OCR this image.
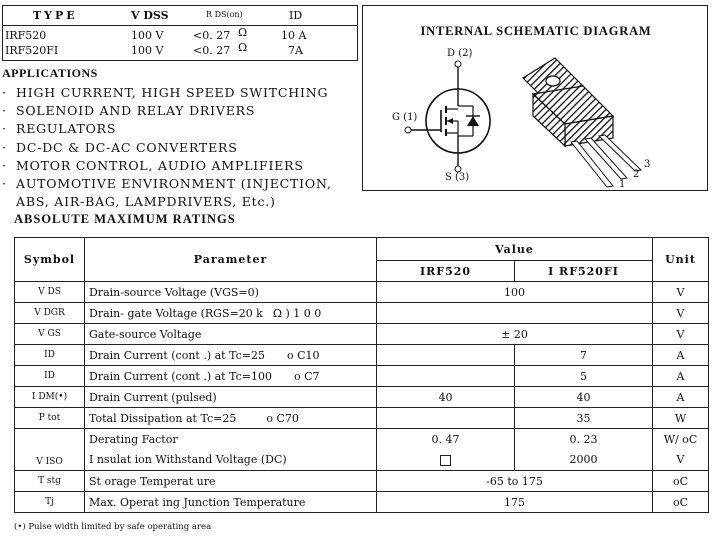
TYPE	V DSS	R DS(on)	ID
IRF520	100 V	<0. 27 Ω	10 A
IRF520FI	100 V	<0. 27 Ω	7A
APPLICATIONS
· HIGH CURRENT, HIGH SPEED SWITCHING
· SOLENOID AND RELAY DRIVERS
· REGULATORS
· DC-DC & DC-AC CONVERTERS
· MOTOR CONTROL, AUDIO AMPLIFIERS
· AUTOMOTIVE ENVIRONMENT (INJECTION,
ABS, AIR-BAG, LAMPDRIVERS, Etc.)
ABSOLUTE MAXIMUM RATINGS
INTERNAL SCHEMATIC DIAGRAM
D (2)
G (1)
S (3)
1
2
3
Symbol	Parameter	Value		Unit
		IRF520	I RF520FI	
V DS	Drain-source Voltage (VGS=0)	100		V
V DGR	Drain- gate Voltage (RGS=20 k Ω ) 1 0 0			V
V GS	Gate-source Voltage	± 20		V
ID	Drain Current (cont .) at Tc=25 o C10		7	A
ID	Drain Current (cont .) at Tc=100 o C7		5	A
I DM(•)	Drain Current (pulsed)	40	40	A
P tot	Total Dissipation at Tc=25 o C70		35	W
V ISO	Derating Factor	0. 47	0. 23	W/ oC
	I nsulat ion Withstand Voltage (DC)		2000	V
T stg	St orage Temperat ure	-65 to 175		oC
Tj	Max. Operat ing Junction Temperature	175		oC
(•) Pulse width limited by safe operating area
